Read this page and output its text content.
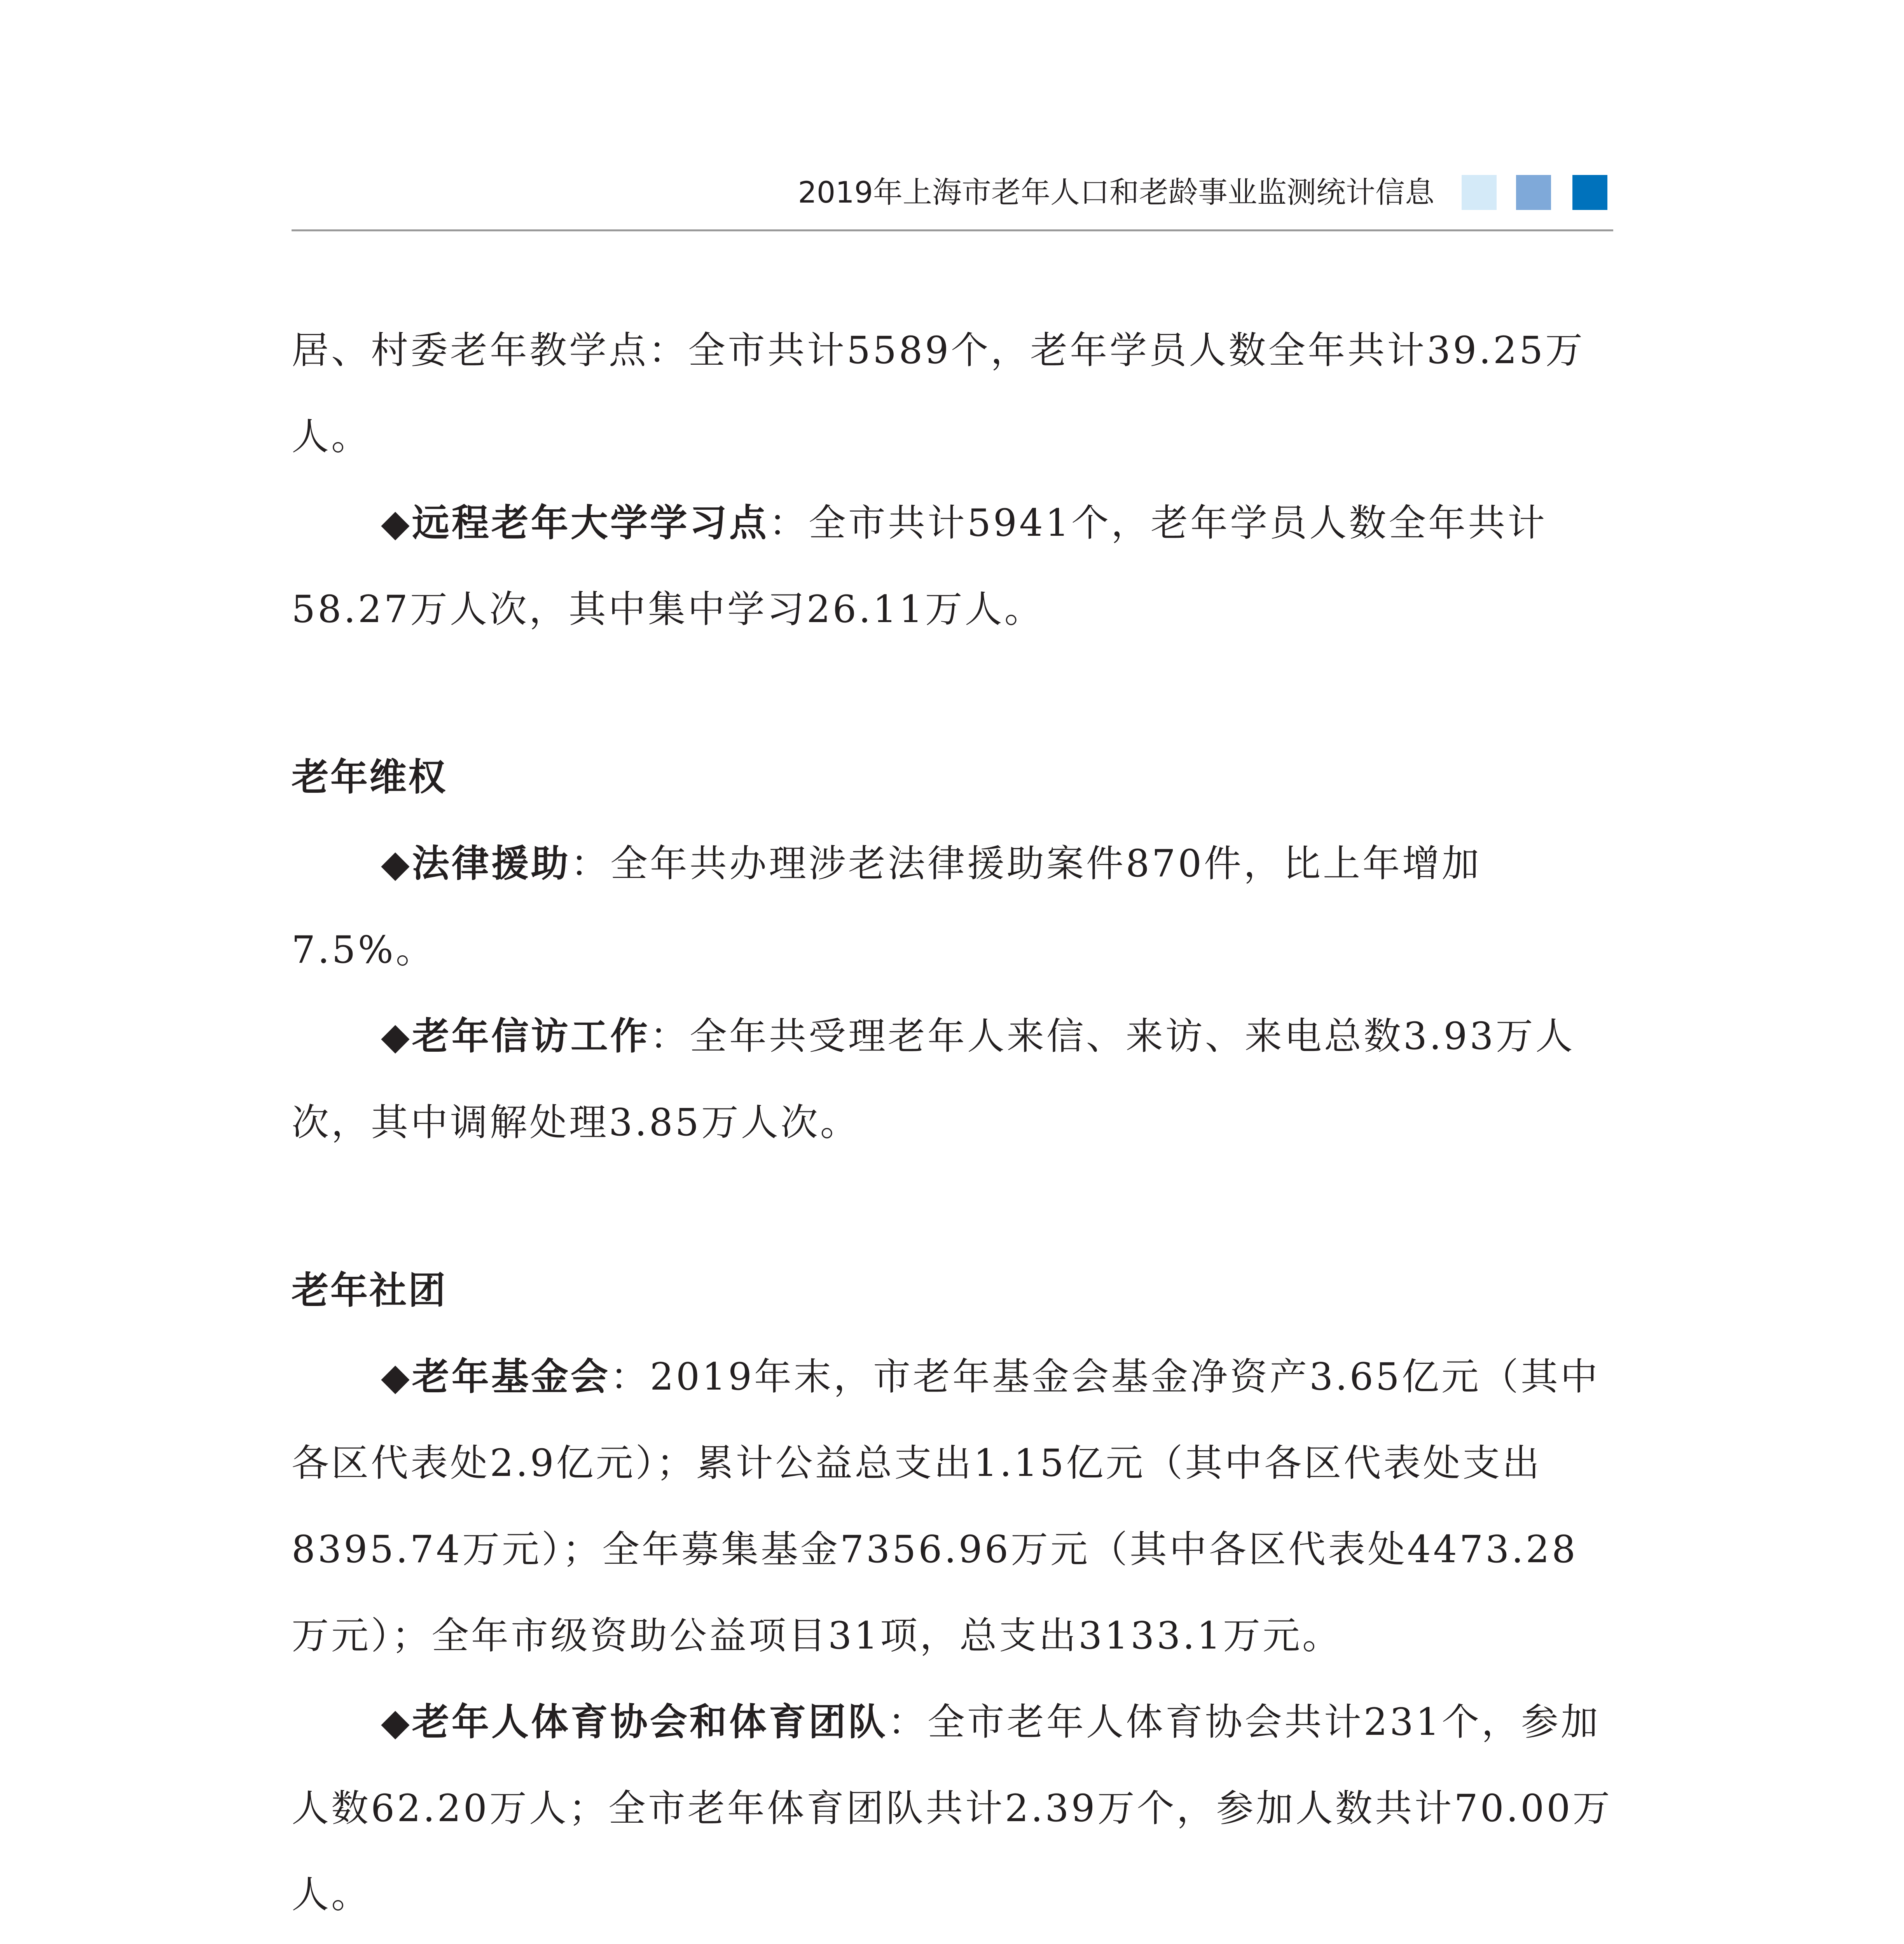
2019年上海市老年人口和老龄事业监测统计信息

居、村委老年教学点：全市共计5589个，老年学员人数全年共计39.25万人。

◆远程老年大学学习点：全市共计5941个，老年学员人数全年共计58.27万人次，其中集中学习26.11万人。

老年维权

◆法律援助：全年共办理涉老法律援助案件870件，比上年增加7.5%。

◆老年信访工作：全年共受理老年人来信、来访、来电总数3.93万人次，其中调解处理3.85万人次。

老年社团

◆老年基金会：2019年末，市老年基金会基金净资产3.65亿元（其中各区代表处2.9亿元）；累计公益总支出1.15亿元（其中各区代表处支出8395.74万元）；全年募集基金7356.96万元（其中各区代表处4473.28万元）；全年市级资助公益项目31项，总支出3133.1万元。

◆老年人体育协会和体育团队：全市老年人体育协会共计231个，参加人数62.20万人；全市老年体育团队共计2.39万个，参加人数共计70.00万人。
